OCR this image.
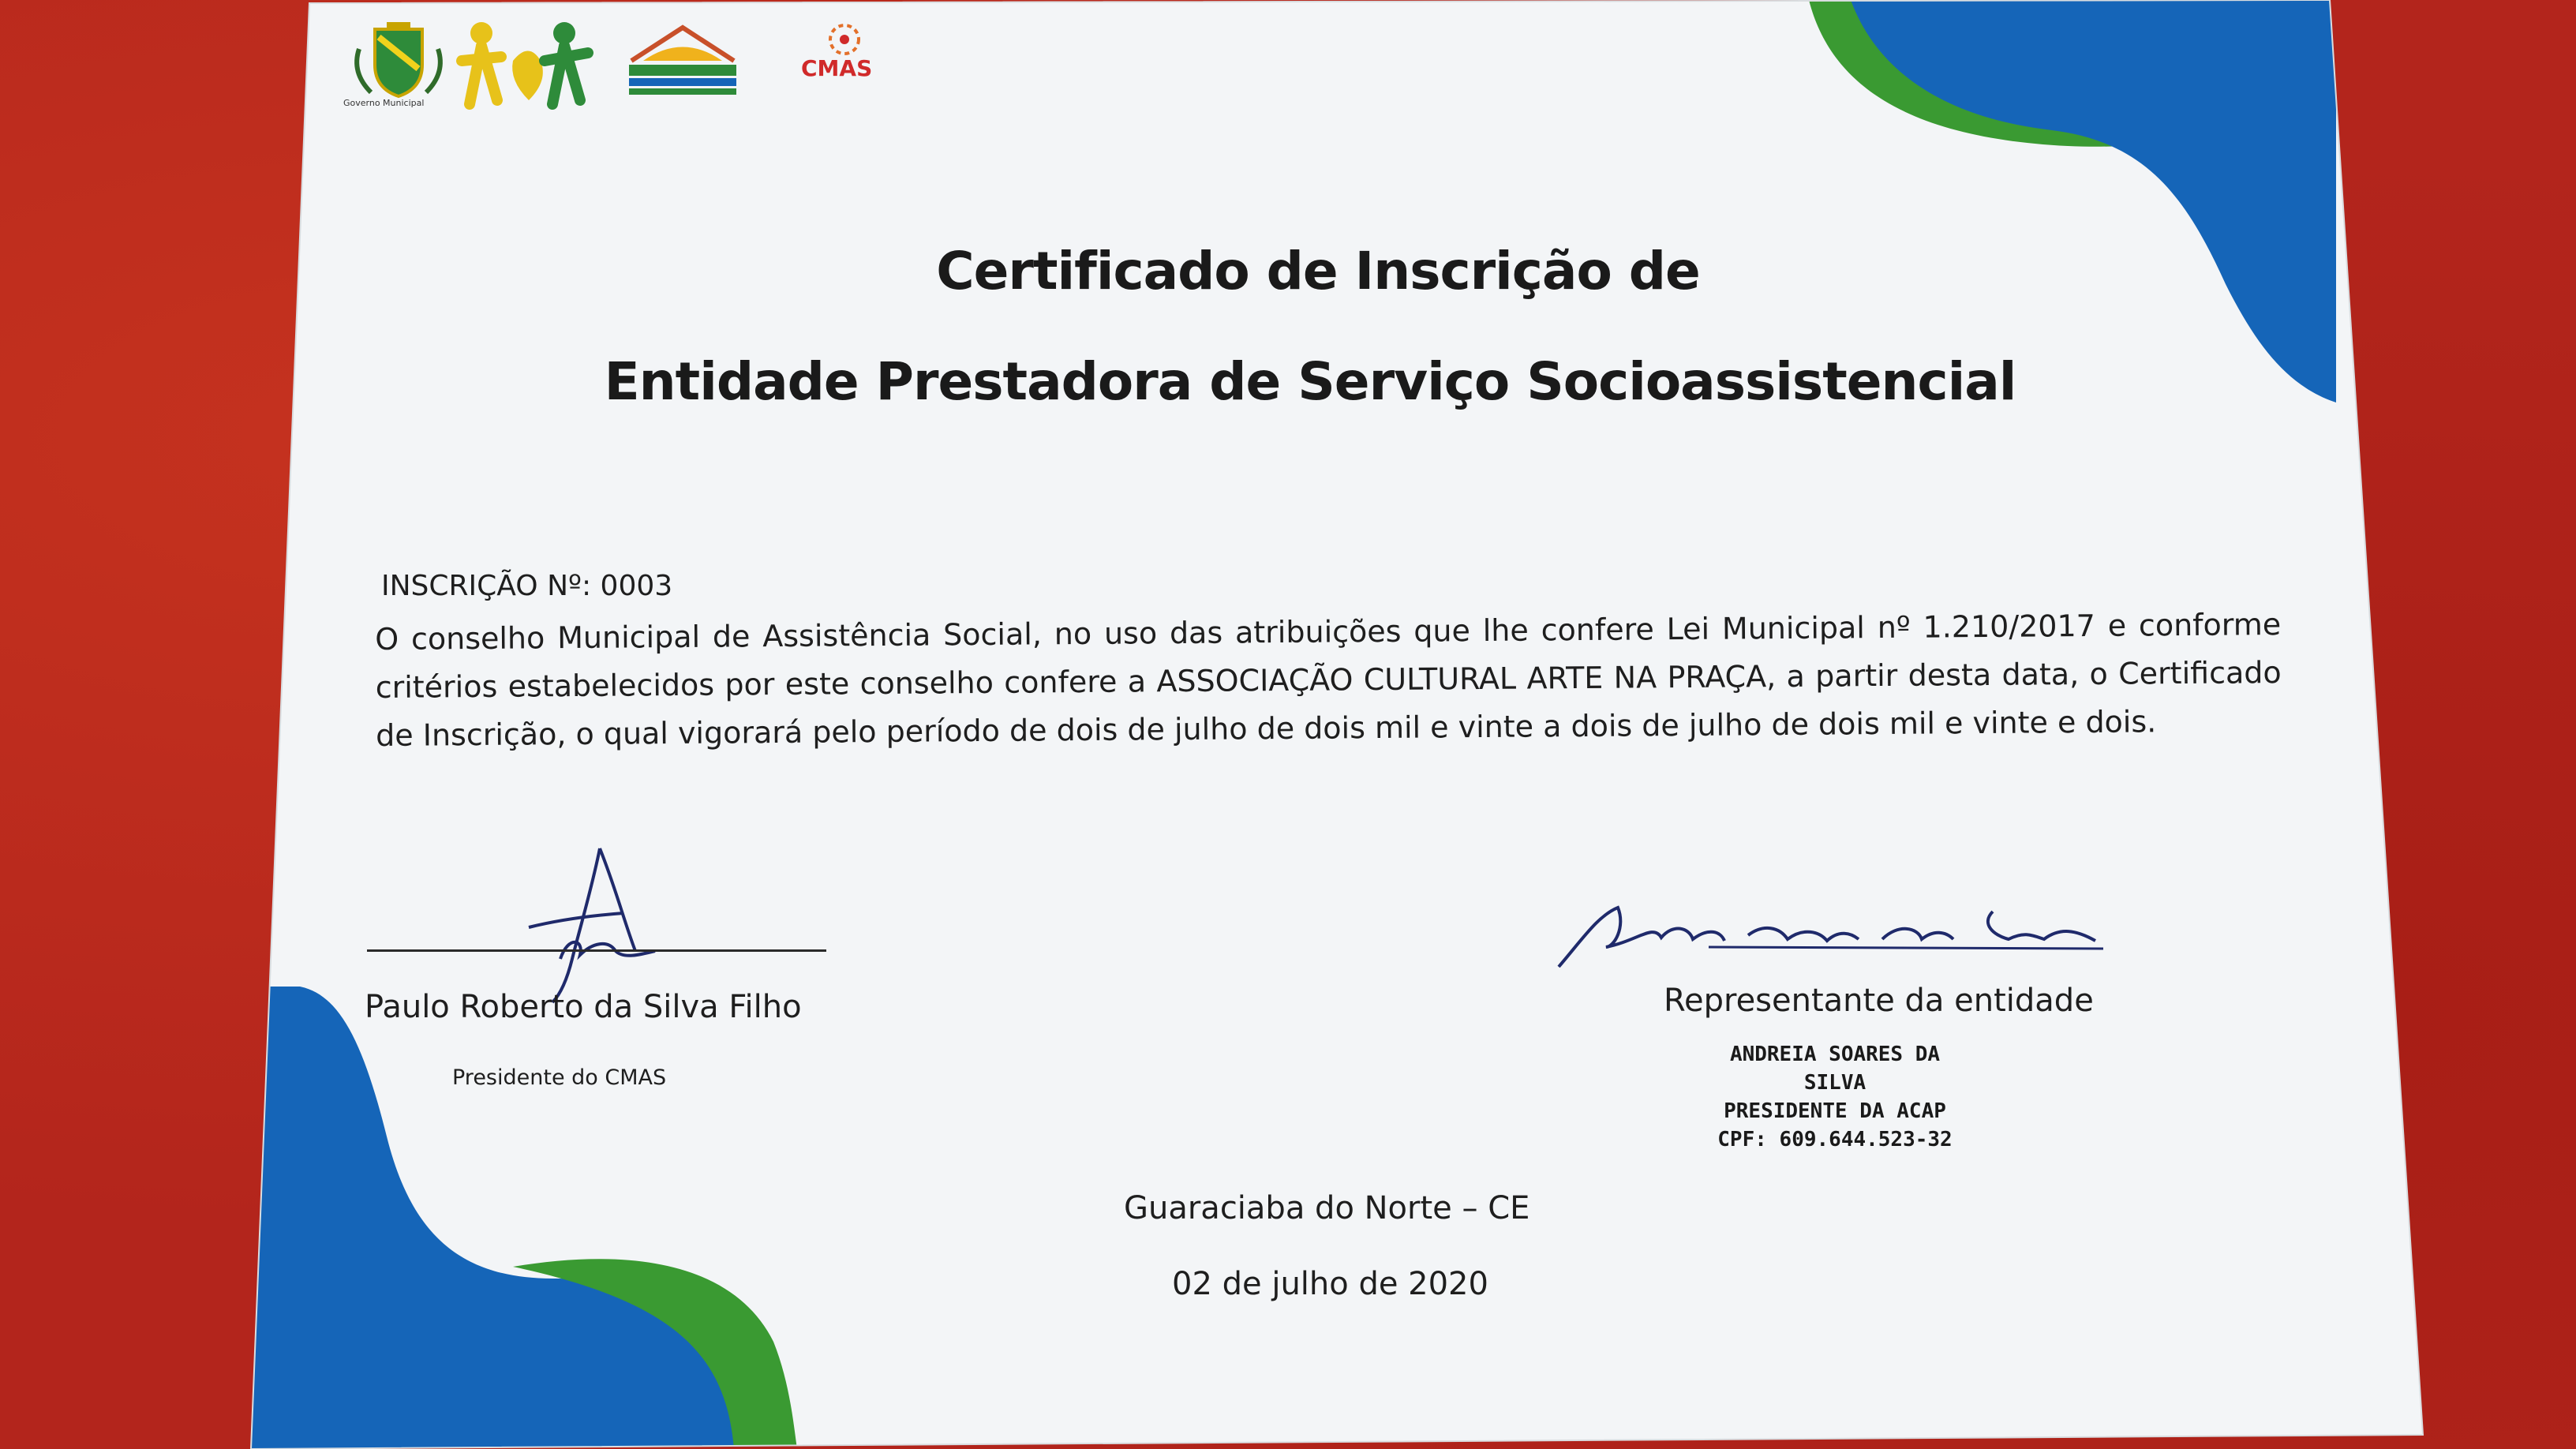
Governo Municipal
CMAS
Certificado de Inscrição de
Entidade Prestadora de Serviço Socioassistencial
INSCRIÇÃO Nº: 0003
O conselho Municipal de Assistência Social, no uso das atribuições que lhe confere Lei Municipal nº 1.210/2017 e conforme critérios estabelecidos por este conselho confere a ASSOCIAÇÃO CULTURAL ARTE NA PRAÇA, a partir desta data, o Certificado de Inscrição, o qual vigorará pelo período de dois de julho de dois mil e vinte a dois de julho de dois mil e vinte e dois.
Paulo Roberto da Silva Filho
Presidente do CMAS
Representante da entidade
ANDREIA SOARES DA SILVA
PRESIDENTE DA ACAP
CPF: 609.644.523-32
Guaraciaba do Norte – CE
02 de julho de 2020
